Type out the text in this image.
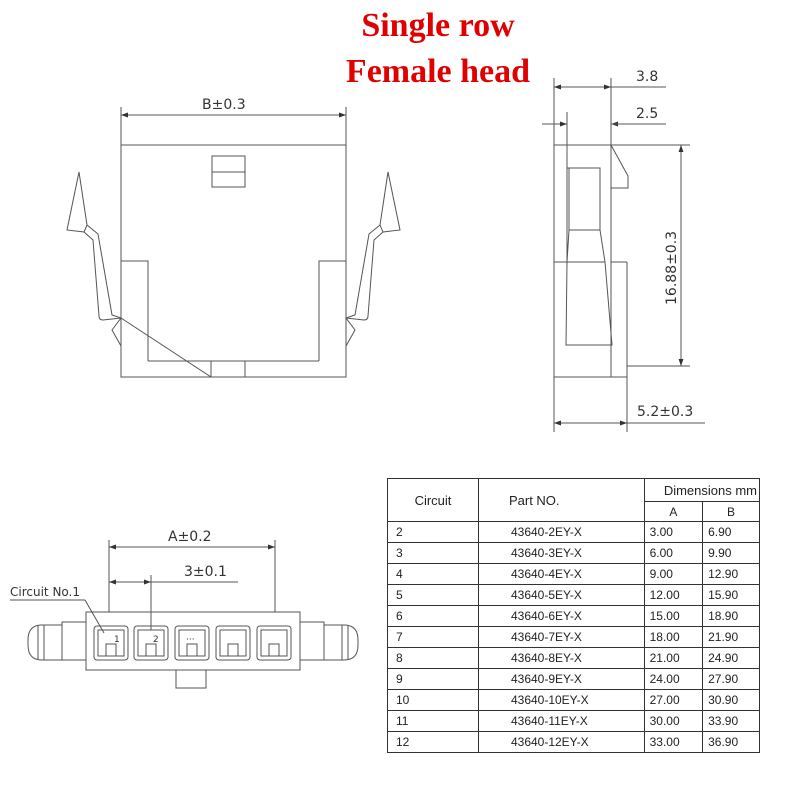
Single row
Female head
B±0.3
3.8
2.5
16.88±0.3
5.2±0.3
A±0.2
3±0.1
Circuit No.1
1	2	···
Circuit	Part NO.	Dimensions mm	
		A	B
2	43640-2EY-X	3.00	6.90
3	43640-3EY-X	6.00	9.90
4	43640-4EY-X	9.00	12.90
5	43640-5EY-X	12.00	15.90
6	43640-6EY-X	15.00	18.90
7	43640-7EY-X	18.00	21.90
8	43640-8EY-X	21.00	24.90
9	43640-9EY-X	24.00	27.90
10	43640-10EY-X	27.00	30.90
11	43640-11EY-X	30.00	33.90
12	43640-12EY-X	33.00	36.90
